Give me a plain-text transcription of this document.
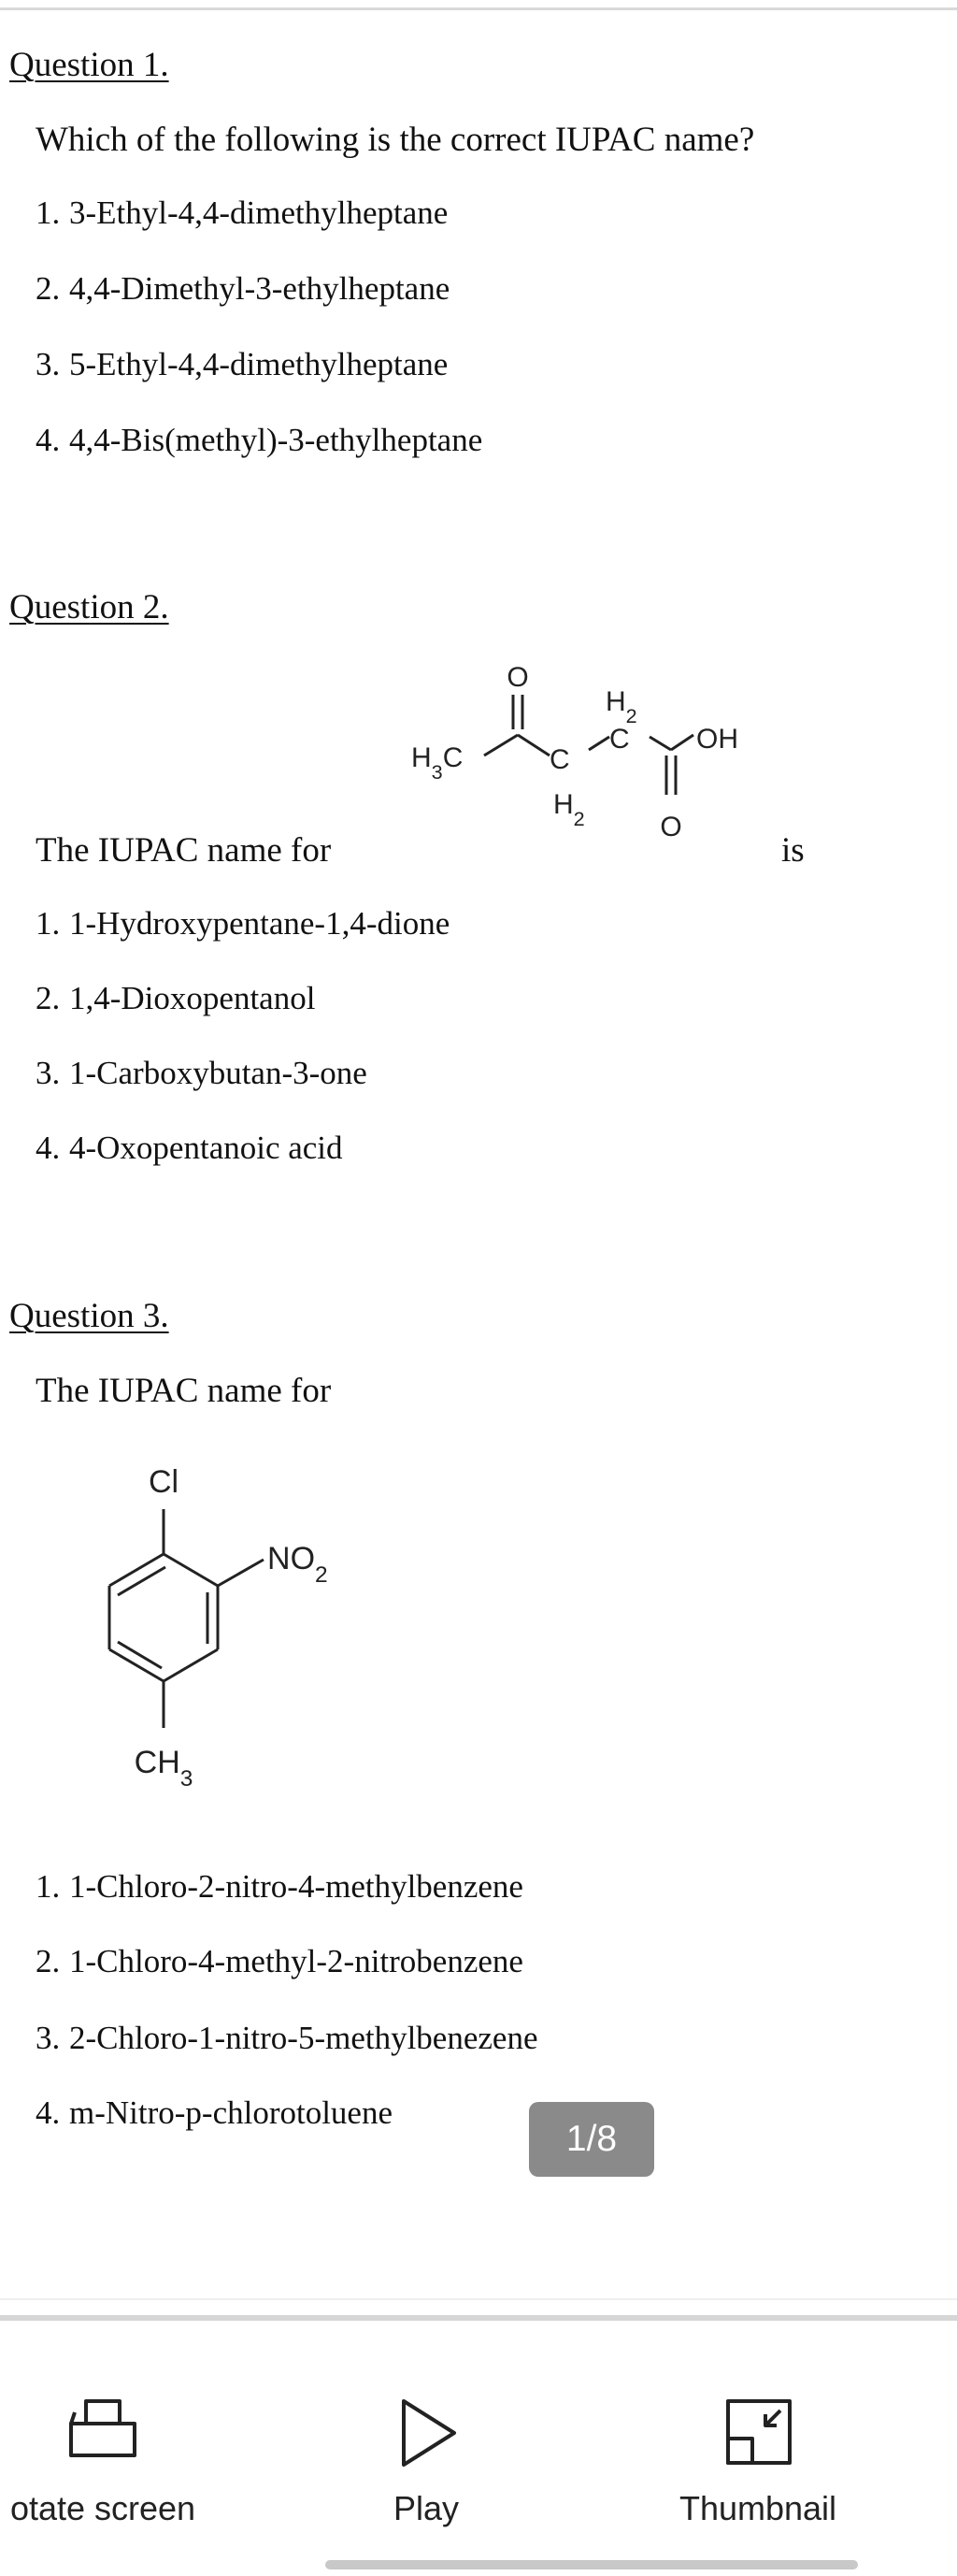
Question 1.
Which of the following is the correct IUPAC name?
1. 3-Ethyl-4,4-dimethylheptane
2. 4,4-Dimethyl-3-ethylheptane
3. 5-Ethyl-4,4-dimethylheptane
4. 4,4-Bis(methyl)-3-ethylheptane
Question 2.
The IUPAC name for	is
O
$H_3C$	C
$H_2$
C
$H_2$
OH
O
1. 1-Hydroxypentane-1,4-dione
2. 1,4-Dioxopentanol
3. 1-Carboxybutan-3-one
4. 4-Oxopentanoic acid
Question 3.
The IUPAC name for
Cl
$NO_2$
$CH_3$
1. 1-Chloro-2-nitro-4-methylbenzene
2. 1-Chloro-4-methyl-2-nitrobenzene
3. 2-Chloro-1-nitro-5-methylbenezene
4. m-Nitro-p-chlorotoluene
1/8
otate screen	Play	Thumbnail
